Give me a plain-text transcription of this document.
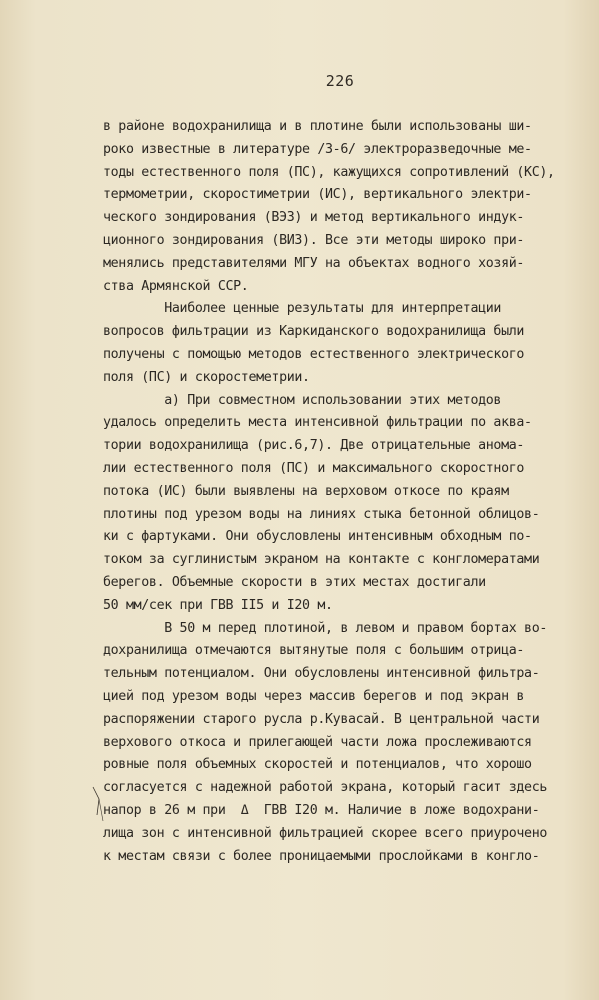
226
в районе водохранилища и в плотине были использованы ши-
роко известные в литературе /3-6/ электроразведочные ме-
тоды естественного поля (ПС), кажущихся сопротивлений (КС),
термометрии, скоростиметрии (ИС), вертикального электри-
ческого зондирования (ВЭЗ) и метод вертикального индук-
ционного зондирования (ВИЗ). Все эти методы широко при-
менялись представителями МГУ на объектах водного хозяй-
ства Армянской ССР.
Наиболее ценные результаты для интерпретации
вопросов фильтрации из Каркиданского водохранилища были
получены с помощью методов естественного электрического
поля (ПС) и скоростеметрии.
а) При совместном использовании этих методов
удалось определить места интенсивной фильтрации по аква-
тории водохранилища (рис.6,7). Две отрицательные анома-
лии естественного поля (ПС) и максимального скоростного
потока (ИС) были выявлены на верховом откосе по краям
плотины под урезом воды на линиях стыка бетонной облицов-
ки с фартуками. Они обусловлены интенсивным обходным по-
током за суглинистым экраном на контакте с конгломератами
берегов. Объемные скорости в этих местах достигали
50 мм/сек при ГВВ II5 и I20 м.
В 50 м перед плотиной, в левом и правом бортах во-
дохранилища отмечаются вытянутые поля с большим отрица-
тельным потенциалом. Они обусловлены интенсивной фильтра-
цией под урезом воды через массив берегов и под экран в
распоряжении старого русла р.Кувасай. В центральной части
верхового откоса и прилегающей части ложа прослеживаются
ровные поля объемных скоростей и потенциалов, что хорошо
согласуется с надежной работой экрана, который гасит здесь
напор в 26 м при  Δ  ГВВ I20 м. Наличие в ложе водохрани-
лища зон с интенсивной фильтрацией скорее всего приурочено
к местам связи с более проницаемыми прослойками в конгло-
